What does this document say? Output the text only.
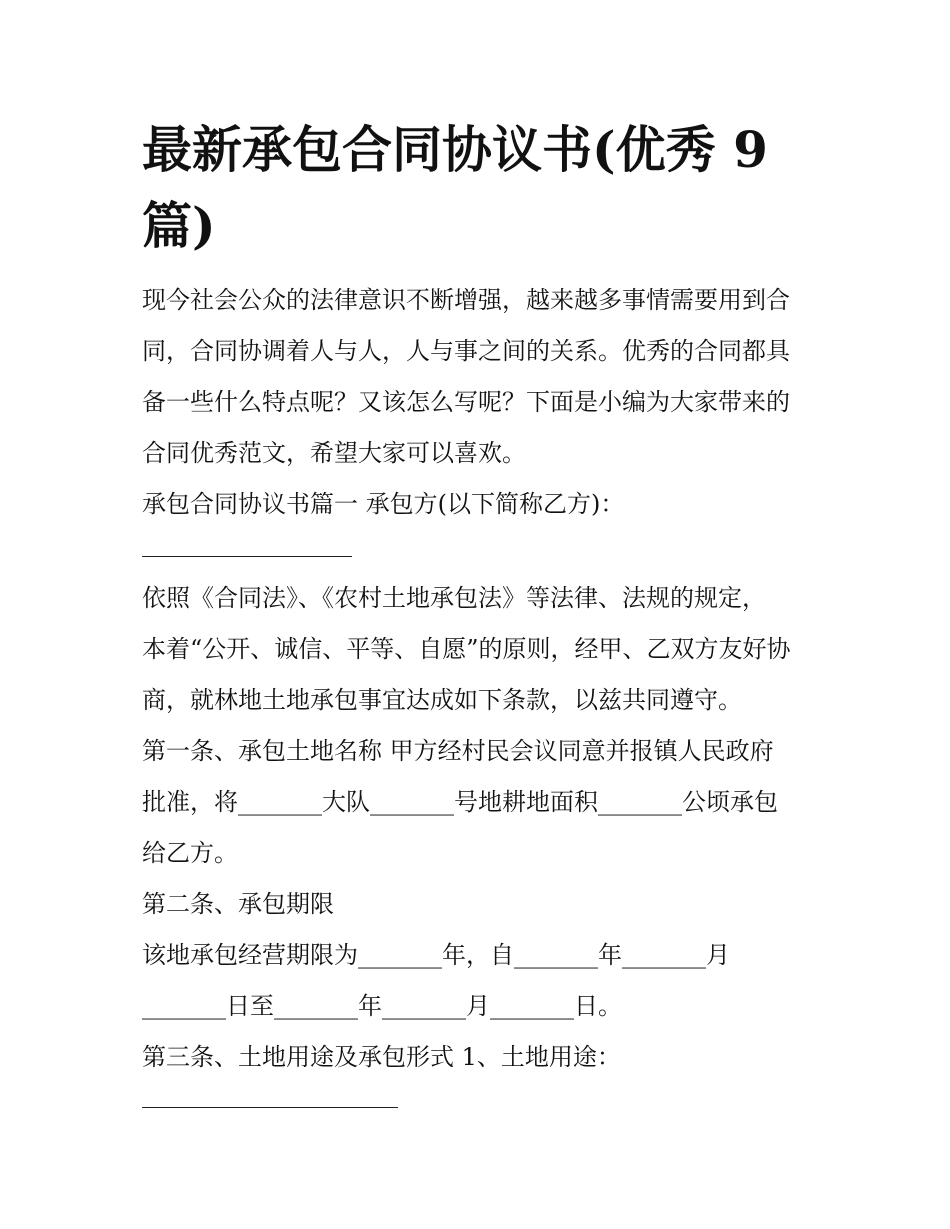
最新承包合同协议书(优秀 9 篇)

现今社会公众的法律意识不断增强，越来越多事情需要用到合

同，合同协调着人与人，人与事之间的关系。优秀的合同都具

备一些什么特点呢？又该怎么写呢？下面是小编为大家带来的

合同优秀范文，希望大家可以喜欢。

承包合同协议书篇一 承包方(以下简称乙方)：

依照《合同法》、《农村土地承包法》等法律、法规的规定，

本着“公开、诚信、平等、自愿”的原则，经甲、乙双方友好协

商，就林地土地承包事宜达成如下条款，以兹共同遵守。

第一条、承包土地名称 甲方经村民会议同意并报镇人民政府

批准，将_______大队_______号地耕地面积_______公顷承包

给乙方。

第二条、承包期限

该地承包经营期限为_______年，自_______年_______月

_______日至_______年_______月_______日。

第三条、土地用途及承包形式 1、土地用途：
